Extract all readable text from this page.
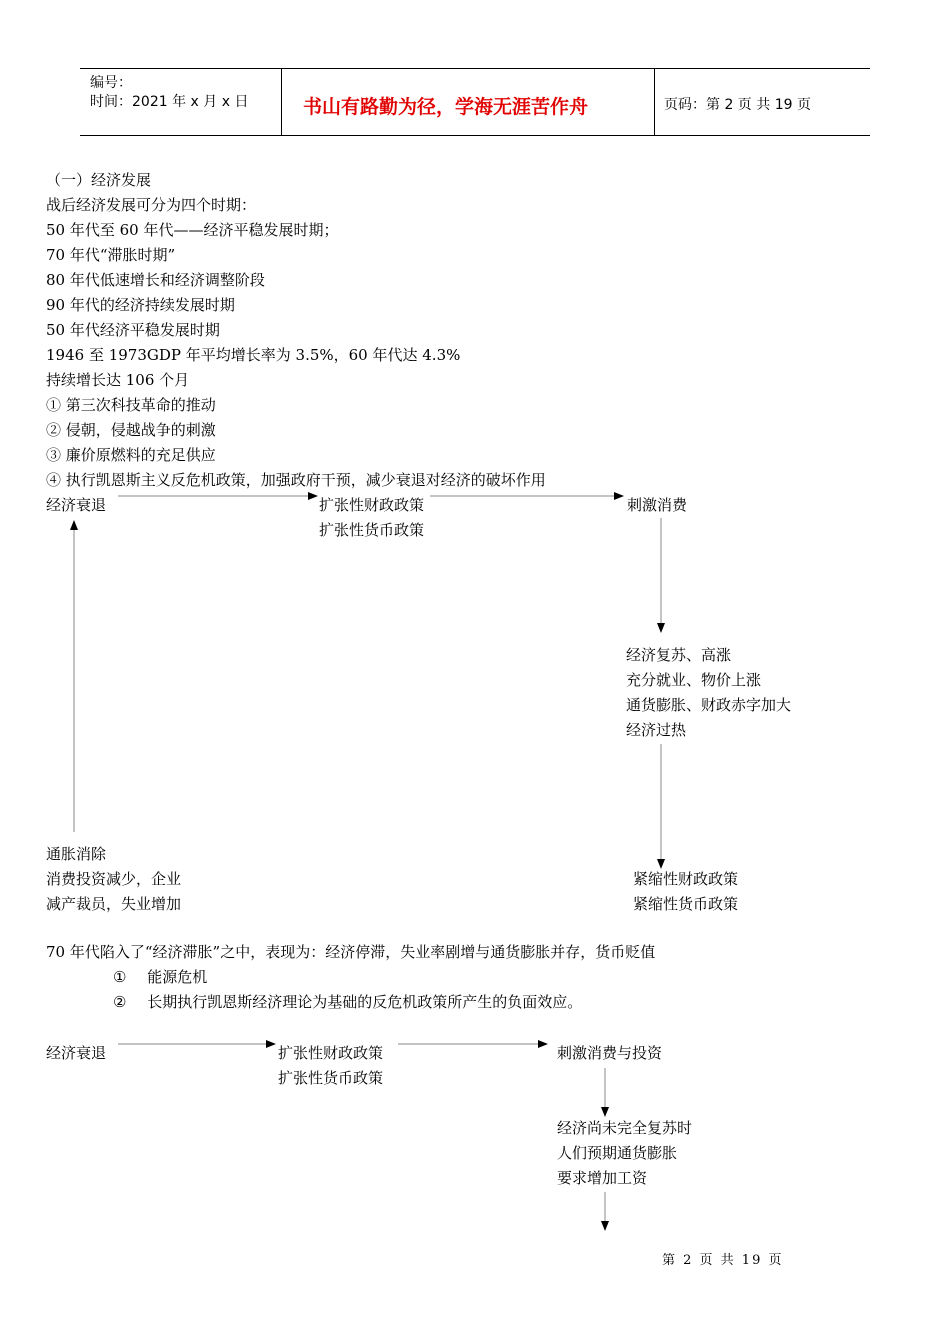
编号：
时间：2021 年 x 月 x 日	书山有路勤为径，学海无涯苦作舟	页码：第 2 页 共 19 页
（一）经济发展
战后经济发展可分为四个时期：
50 年代至 60 年代——经济平稳发展时期；
70 年代“滞胀时期”
80 年代低速增长和经济调整阶段
90 年代的经济持续发展时期
50 年代经济平稳发展时期
1946 至 1973GDP 年平均增长率为 3.5%，60 年代达 4.3%
持续增长达 106 个月
① 第三次科技革命的推动
② 侵朝，侵越战争的刺激
③ 廉价原燃料的充足供应
④ 执行凯恩斯主义反危机政策，加强政府干预，减少衰退对经济的破坏作用
经济衰退	扩张性财政政策
扩张性货币政策
刺激消费
经济复苏、高涨
充分就业、物价上涨
通货膨胀、财政赤字加大
经济过热
紧缩性财政政策
紧缩性货币政策
通胀消除
消费投资减少，企业
减产裁员，失业增加
70 年代陷入了“经济滞胀”之中，表现为：经济停滞，失业率剧增与通货膨胀并存，货币贬值
① 能源危机
② 长期执行凯恩斯经济理论为基础的反危机政策所产生的负面效应。
经济衰退	扩张性财政政策
扩张性货币政策
刺激消费与投资
经济尚未完全复苏时
人们预期通货膨胀
要求增加工资
第 2 页 共 19 页
